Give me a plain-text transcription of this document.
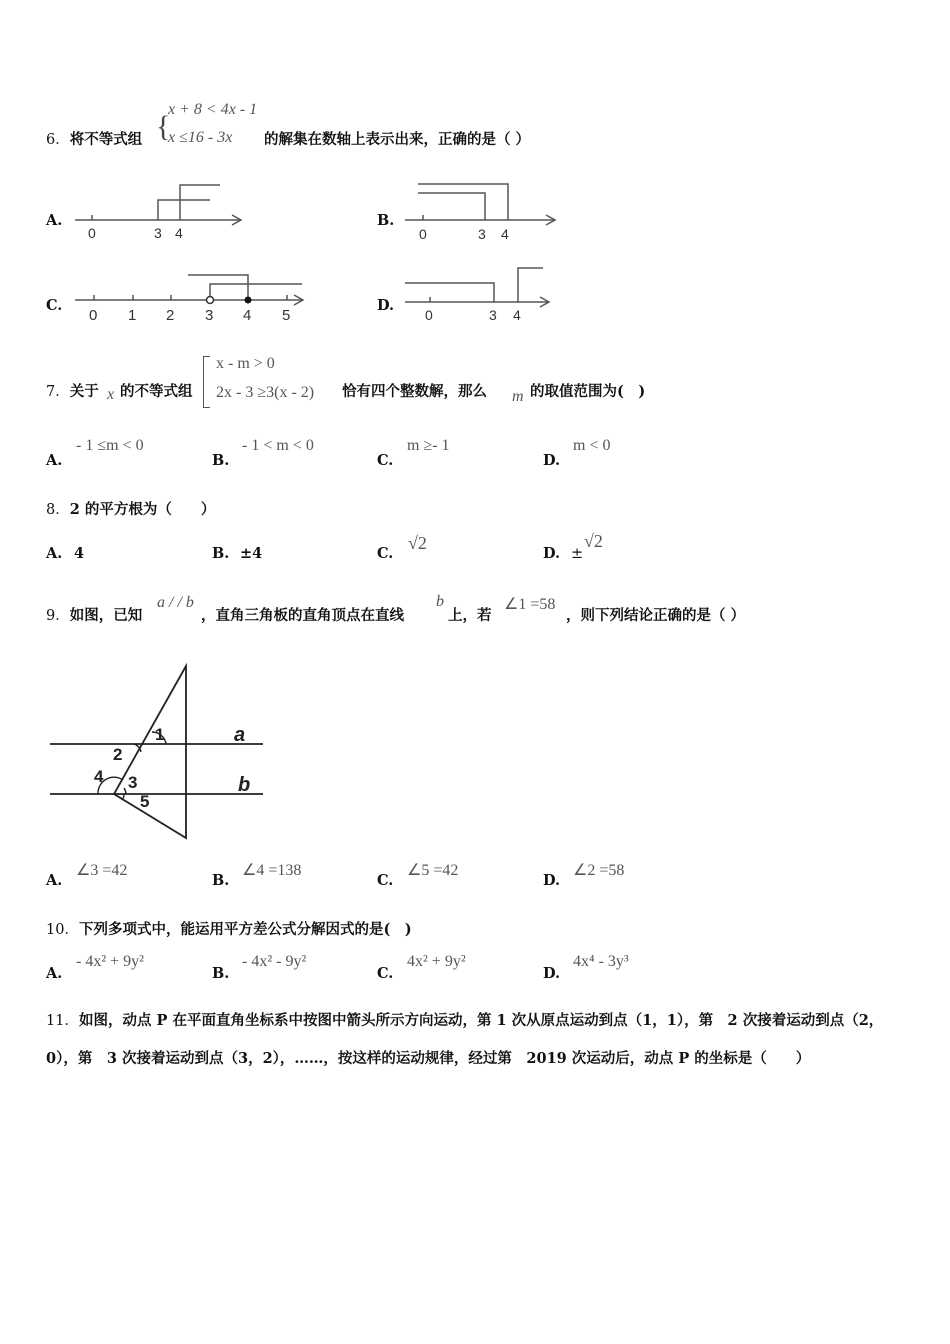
6．将不等式组 {
x + 8 < 4x - 1
x ≤16 - 3x 的解集在数轴上表示出来，正确的是（ ）
A.
0	3 4
B.
0	3 4
C.
0 1 2 3 4 5
D.
0	3 4
7．关于 x 的不等式组
x - m > 0
2x - 3 ≥3(x - 2) 恰有四个整数解，那么 m 的取值范围为(　)
A.
- 1 ≤m < 0
B.
- 1 < m < 0
C.
m ≥- 1
D.
m < 0
8．2 的平方根为（　　）
A. 4	B. ±4	C.
√2
D. ±
√2
9．如图，已知
a / / b
，直角三角板的直角顶点在直线
b
上，若
∠1 =58
，则下列结论正确的是（ ）
1
2
4 3
5
a
b
A.
∠3 =42
B.
∠4 =138
C.
∠5 =42
D.
∠2 =58
10．下列多项式中，能运用平方差公式分解因式的是(　)
A.
- 4x² + 9y²
B.
- 4x² - 9y²
C.
4x² + 9y²
D.
4x⁴ - 3y³
11．如图，动点 P 在平面直角坐标系中按图中箭头所示方向运动，第 1 次从原点运动到点（1，1），第　2 次接着运动到点（2，0），第　3 次接着运动到点（3，2），……，按这样的运动规律，经过第　2019 次运动后，动点 P 的坐标是（　　）
